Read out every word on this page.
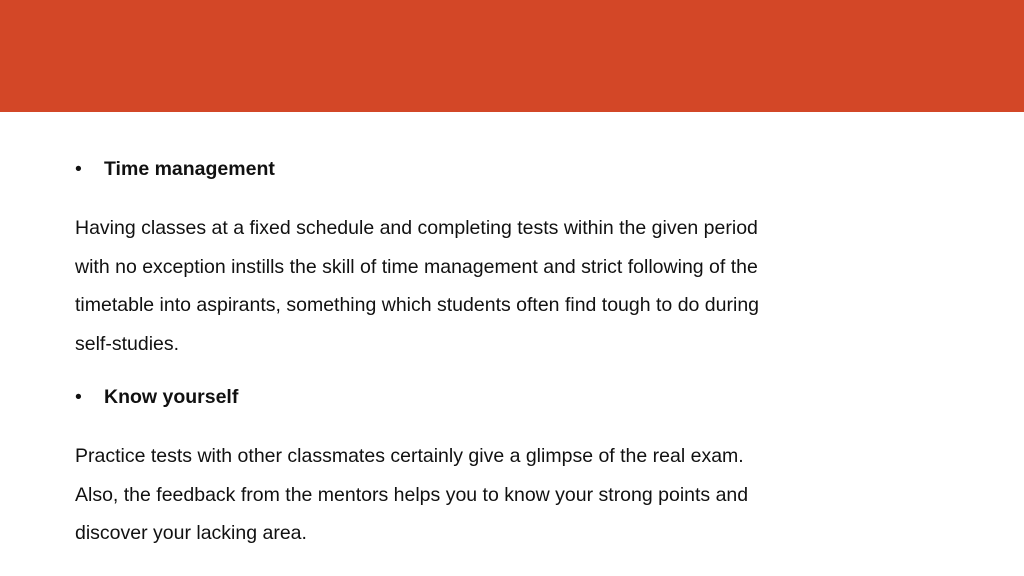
•	Time management
Having classes at a fixed schedule and completing tests within the given period
with no exception instills the skill of time management and strict following of the
timetable into aspirants, something which students often find tough to do during
self-studies.
•	Know yourself
Practice tests with other classmates certainly give a glimpse of the real exam.
Also, the feedback from the mentors helps you to know your strong points and
discover your lacking area.
